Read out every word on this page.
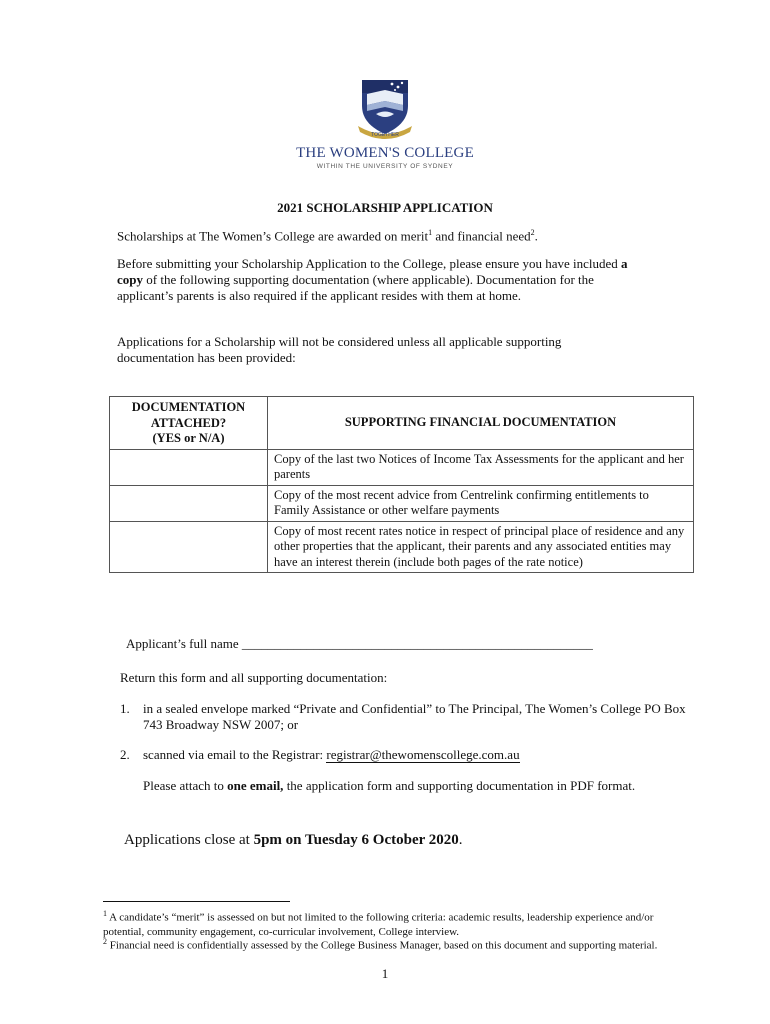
TOGETHER
THE WOMEN'S COLLEGE
WITHIN THE UNIVERSITY OF SYDNEY
2021 SCHOLARSHIP APPLICATION

Scholarships at The Women’s College are awarded on merit$^1$ and financial need$^2$.

Before submitting your Scholarship Application to the College, please ensure you have included a copy of the following supporting documentation (where applicable). Documentation for the applicant’s parents is also required if the applicant resides with them at home.

Applications for a Scholarship will not be considered unless all applicable supporting documentation has been provided:

DOCUMENTATION
ATTACHED?
(YES or N/A)	SUPPORTING FINANCIAL DOCUMENTATION
	Copy of the last two Notices of Income Tax Assessments for the applicant and her parents
	Copy of the most recent advice from Centrelink confirming entitlements to Family Assistance or other welfare payments
	Copy of most recent rates notice in respect of principal place of residence and any other properties that the applicant, their parents and any associated entities may have an interest therein (include both pages of the rate notice)
Applicant’s full name ______________________________________________________
Return this form and all supporting documentation:
1. in a sealed envelope marked “Private and Confidential” to The Principal, The Women’s College PO Box 743 Broadway NSW 2007; or
2. scanned via email to the Registrar: registrar@thewomenscollege.com.au
Please attach to one email, the application form and supporting documentation in PDF format.
Applications close at 5pm on Tuesday 6 October 2020.
$^1$ A candidate’s “merit” is assessed on but not limited to the following criteria: academic results, leadership experience and/or potential, community engagement, co-curricular involvement, College interview.
$^2$ Financial need is confidentially assessed by the College Business Manager, based on this document and supporting material.
1
